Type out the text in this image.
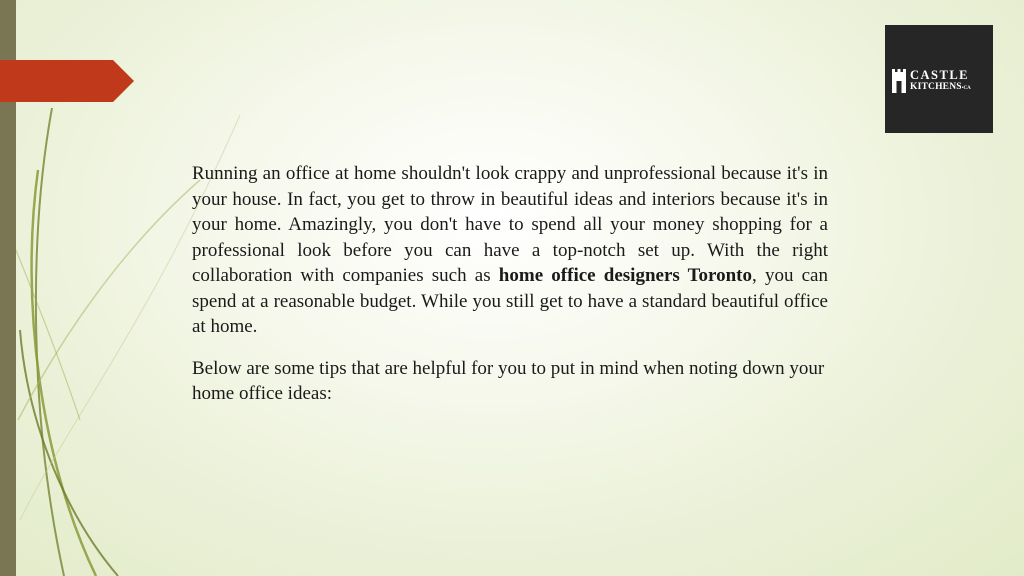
CASTLE
KITCHENS•CA

Running an office at home shouldn't look crappy and unprofessional because it's in your house. In fact, you get to throw in beautiful ideas and interiors because it's in your home. Amazingly, you don't have to spend all your money shopping for a professional look before you can have a top-notch set up. With the right collaboration with companies such as home office designers Toronto, you can spend at a reasonable budget. While you still get to have a standard beautiful office at home.

Below are some tips that are helpful for you to put in mind when noting down your home office ideas:
